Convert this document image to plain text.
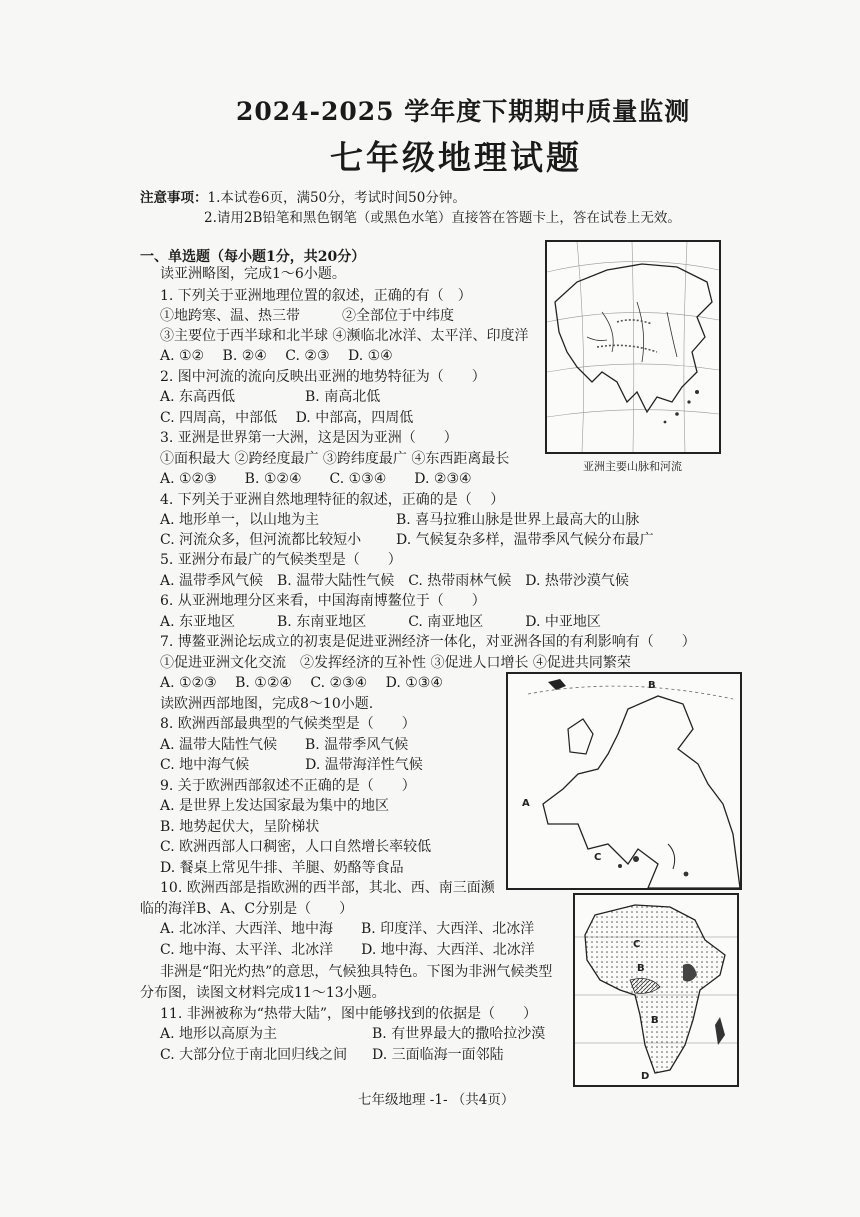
2024-2025 学年度下期期中质量监测
七年级地理试题
注意事项：1.本试卷6页，满50分，考试时间50分钟。
2.请用2B铅笔和黑色钢笔（或黑色水笔）直接答在答题卡上，答在试卷上无效。
一、单选题（每小题1分，共20分）
读亚洲略图，完成1～6小题。
1. 下列关于亚洲地理位置的叙述，正确的有（　）
①地跨寒、温、热三带　　　②全部位于中纬度
③主要位于西半球和北半球 ④濒临北冰洋、太平洋、印度洋
A. ①②　 B. ②④　 C. ②③　 D. ①④
2. 图中河流的流向反映出亚洲的地势特征为（　　）
A. 东高西低　　　　　B. 南高北低
C. 四周高，中部低　 D. 中部高，四周低
3. 亚洲是世界第一大洲，这是因为亚洲（　　）
①面积最大 ②跨经度最广 ③跨纬度最广 ④东西距离最长
A. ①②③　　B. ①②④　　C. ①③④　　D. ②③④
4. 下列关于亚洲自然地理特征的叙述，正确的是（　 ）
A. 地形单一，以山地为主	B. 喜马拉雅山脉是世界上最高大的山脉
C. 河流众多，但河流都比较短小 D. 气候复杂多样，温带季风气候分布最广
5. 亚洲分布最广的气候类型是（　　）
A. 温带季风气候　B. 温带大陆性气候　C. 热带雨林气候　D. 热带沙漠气候
6. 从亚洲地理分区来看，中国海南博鳌位于（　　）
A. 东亚地区　　　B. 东南亚地区　　　C. 南亚地区　　　D. 中亚地区
7. 博鳌亚洲论坛成立的初衷是促进亚洲经济一体化，对亚洲各国的有利影响有（　　）
①促进亚洲文化交流　②发挥经济的互补性 ③促进人口增长 ④促进共同繁荣
A. ①②③　 B. ①②④　 C. ②③④　 D. ①③④
读欧洲西部地图，完成8～10小题.
8. 欧洲西部最典型的气候类型是（　　）
A. 温带大陆性气候　　B. 温带季风气候
C. 地中海气候　　　　D. 温带海洋性气候
9. 关于欧洲西部叙述不正确的是（　　）
A. 是世界上发达国家最为集中的地区
B. 地势起伏大，呈阶梯状
C. 欧洲西部人口稠密，人口自然增长率较低
D. 餐桌上常见牛排、羊腿、奶酪等食品
10. 欧洲西部是指欧洲的西半部，其北、西、南三面濒
临的海洋B、A、C分别是（　　）
A. 北冰洋、大西洋、地中海　　B. 印度洋、大西洋、北冰洋
C. 地中海、太平洋、北冰洋　　D. 地中海、大西洋、北冰洋
非洲是“阳光灼热”的意思，气候独具特色。下图为非洲气候类型
分布图，读图文材料完成11～13小题。
11. 非洲被称为“热带大陆”，图中能够找到的依据是（　　）
A. 地形以高原为主	B. 有世界最大的撒哈拉沙漠
C. 大部分位于南北回归线之间 D. 三面临海一面邻陆
亚洲主要山脉和河流
A
B
C
C
B
B
D
七年级地理 -1- （共4页）
